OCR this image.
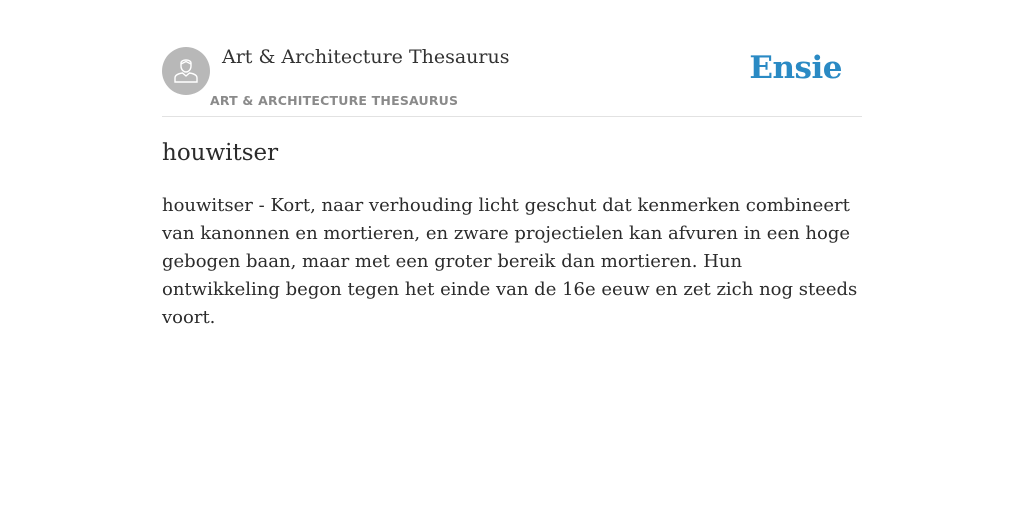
Art & Architecture Thesaurus
ART & ARCHITECTURE THESAURUS
Ensie
houwitser

houwitser - Kort, naar verhouding licht geschut dat kenmerken combineert van kanonnen en mortieren, en zware projectielen kan afvuren in een hoge gebogen baan, maar met een groter bereik dan mortieren. Hun ontwikkeling begon tegen het einde van de 16e eeuw en zet zich nog steeds voort.
